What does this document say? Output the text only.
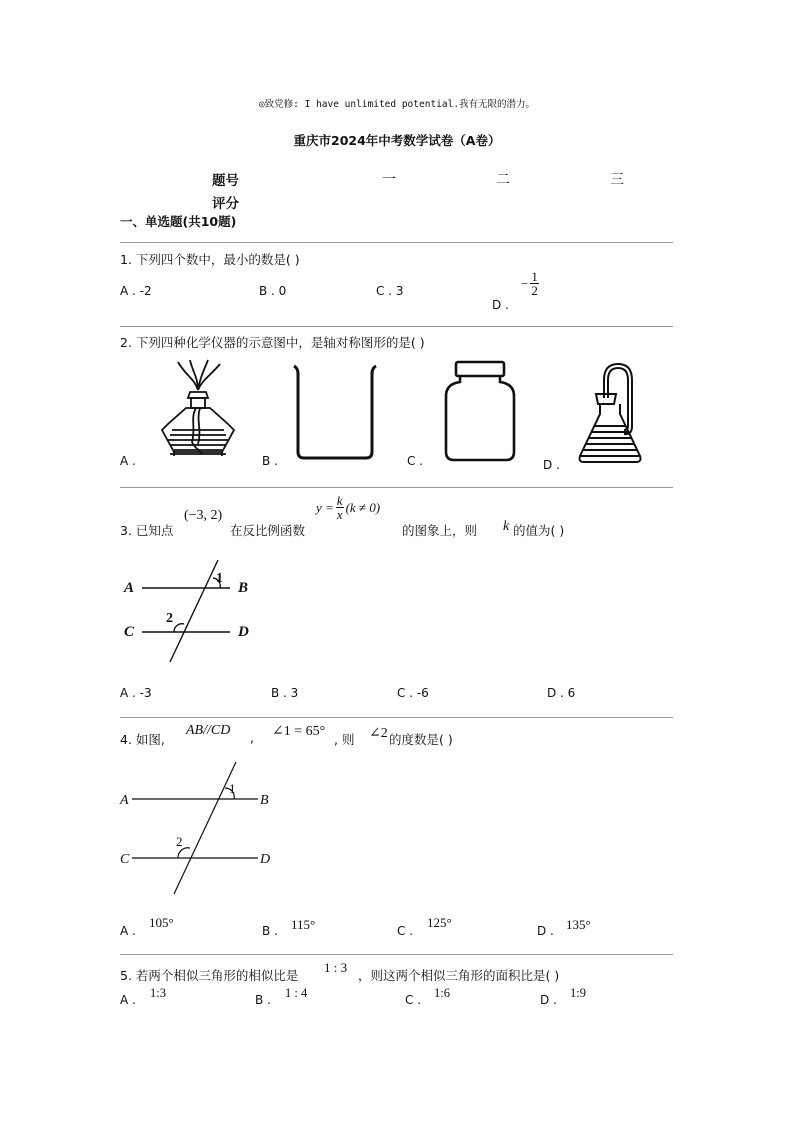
◎致党修: I have unlimited potential.我有无限的潜力。
重庆市2024年中考数学试卷（A卷）
题号	一	二	三
评分
一、单选题(共10题)
1. 下列四个数中，最小的数是( )
A . -2	B . 0	C . 3
D .
− $\frac{1}{2}$
2. 下列四种化学仪器的示意图中，是轴对称图形的是( )
A .	B .	C .	D .
3. 已知点
(−3, 2)
在反比例函数
$y = \frac{k}{x} (k \ne 0)$
的图象上，则 k 的值为( )
A	B
C	D
1
2
A . -3	B . 3	C . -6	D . 6
4. 如图,
AB//CD , ∠1 = 65°
, 则 ∠2 的度数是( )
A	B
C	D
1
2
A .
105°
B . 115°	C .
125°
D . 135°
5. 若两个相似三角形的相似比是
1 : 3
，则这两个相似三角形的面积比是( )
A . 1:3	B . 1 : 4	C . 1:6	D . 1:9
